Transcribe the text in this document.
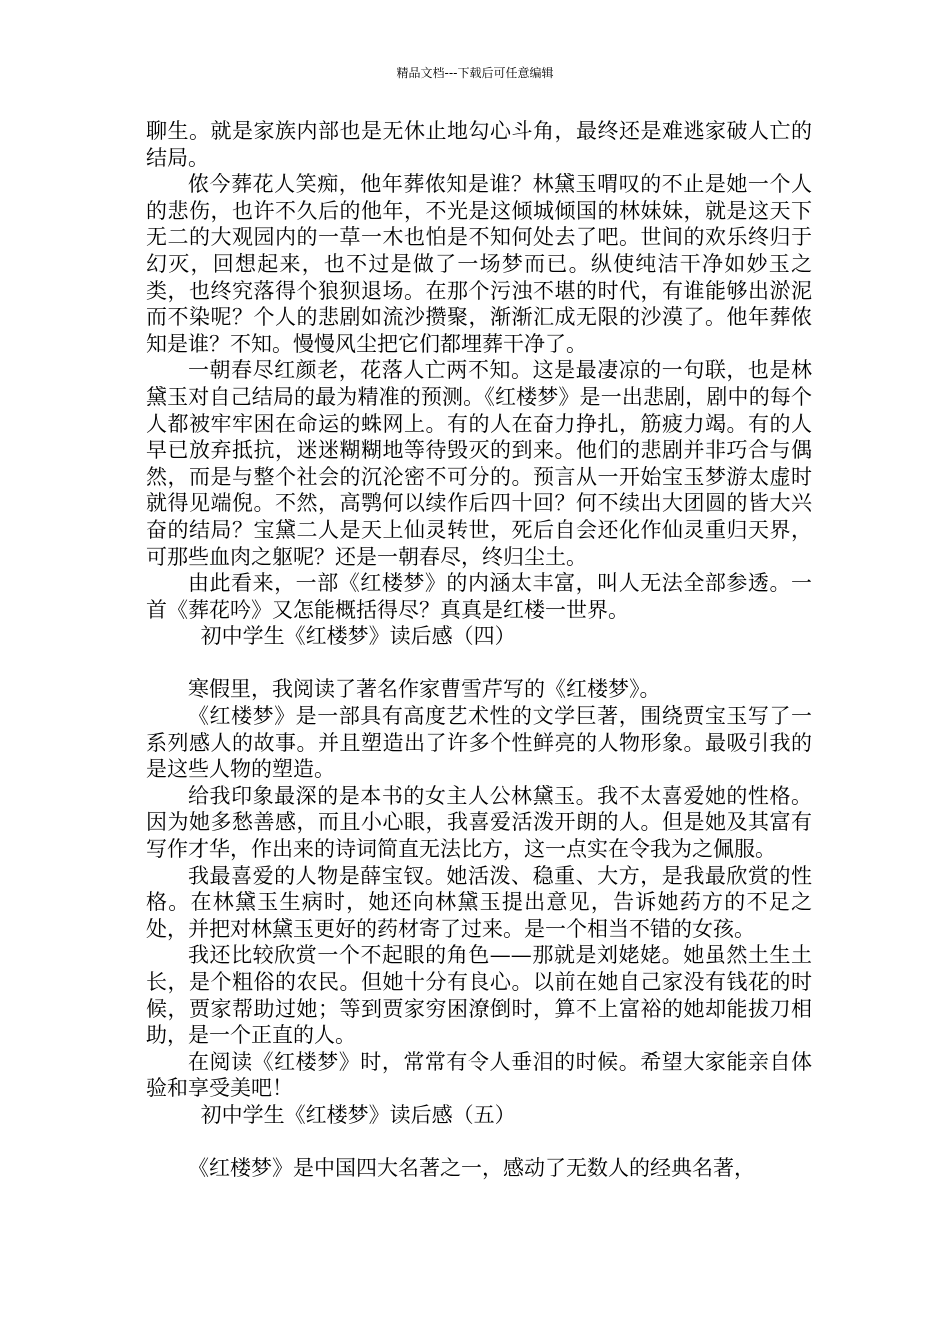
精品文档---下载后可任意编辑

聊生。就是家族内部也是无休止地勾心斗角，最终还是难逃家破人亡的结局。

侬今葬花人笑痴，他年葬侬知是谁？林黛玉喟叹的不止是她一个人的悲伤，也许不久后的他年，不光是这倾城倾国的林妹妹，就是这天下无二的大观园内的一草一木也怕是不知何处去了吧。世间的欢乐终归于幻灭，回想起来，也不过是做了一场梦而已。纵使纯洁干净如妙玉之类，也终究落得个狼狈退场。在那个污浊不堪的时代，有谁能够出淤泥而不染呢？个人的悲剧如流沙攒聚，渐渐汇成无限的沙漠了。他年葬侬知是谁？不知。慢慢风尘把它们都埋葬干净了。

一朝春尽红颜老，花落人亡两不知。这是最凄凉的一句联，也是林黛玉对自己结局的最为精准的预测。《红楼梦》是一出悲剧，剧中的每个人都被牢牢困在命运的蛛网上。有的人在奋力挣扎，筋疲力竭。有的人早已放弃抵抗，迷迷糊糊地等待毁灭的到来。他们的悲剧并非巧合与偶然，而是与整个社会的沉沦密不可分的。预言从一开始宝玉梦游太虚时就得见端倪。不然，高鹗何以续作后四十回？何不续出大团圆的皆大兴奋的结局？宝黛二人是天上仙灵转世，死后自会还化作仙灵重归天界，可那些血肉之躯呢？还是一朝春尽，终归尘土。

由此看来，一部《红楼梦》的内涵太丰富，叫人无法全部参透。一首《葬花吟》又怎能概括得尽？真真是红楼一世界。

初中学生《红楼梦》读后感（四）

寒假里，我阅读了著名作家曹雪芹写的《红楼梦》。

《红楼梦》是一部具有高度艺术性的文学巨著，围绕贾宝玉写了一系列感人的故事。并且塑造出了许多个性鲜亮的人物形象。最吸引我的是这些人物的塑造。

给我印象最深的是本书的女主人公林黛玉。我不太喜爱她的性格。因为她多愁善感，而且小心眼，我喜爱活泼开朗的人。但是她及其富有写作才华，作出来的诗词简直无法比方，这一点实在令我为之佩服。

我最喜爱的人物是薛宝钗。她活泼、稳重、大方，是我最欣赏的性格。在林黛玉生病时，她还向林黛玉提出意见，告诉她药方的不足之处，并把对林黛玉更好的药材寄了过来。是一个相当不错的女孩。

我还比较欣赏一个不起眼的角色——那就是刘姥姥。她虽然土生土长，是个粗俗的农民。但她十分有良心。以前在她自己家没有钱花的时候，贾家帮助过她；等到贾家穷困潦倒时，算不上富裕的她却能拔刀相助，是一个正直的人。

在阅读《红楼梦》时，常常有令人垂泪的时候。希望大家能亲自体验和享受美吧！

初中学生《红楼梦》读后感（五）

《红楼梦》是中国四大名著之一，感动了无数人的经典名著，
